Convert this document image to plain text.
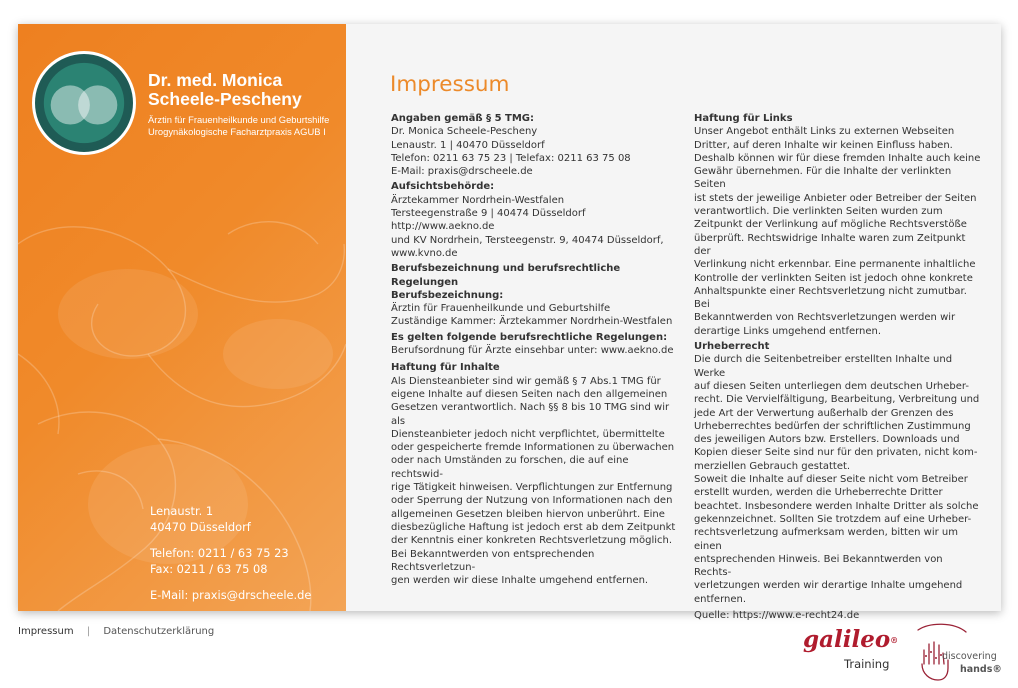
Dr. med. Monica
Scheele-Pescheny
Ärztin für Frauenheilkunde und Geburtshilfe
Urogynäkologische Facharztpraxis AGUB I
Lenaustr. 1
40470 Düsseldorf
Telefon: 0211 / 63 75 23
Fax: 0211 / 63 75 08
E-Mail: praxis@drscheele.de
Impressum
Angaben gemäß § 5 TMG:
Dr. Monica Scheele-Pescheny
Lenaustr. 1 | 40470 Düsseldorf
Telefon: 0211 63 75 23 | Telefax: 0211 63 75 08
E-Mail: praxis@drscheele.de
Aufsichtsbehörde:
Ärztekammer Nordrhein-Westfalen
Tersteegenstraße 9 | 40474 Düsseldorf
http://www.aekno.de
und KV Nordrhein, Tersteegenstr. 9, 40474 Düsseldorf,
www.kvno.de
Berufsbezeichnung und berufsrechtliche Regelungen
Berufsbezeichnung:
Ärztin für Frauenheilkunde und Geburtshilfe
Zuständige Kammer: Ärztekammer Nordrhein-Westfalen
Es gelten folgende berufsrechtliche Regelungen:
Berufsordnung für Ärzte einsehbar unter: www.aekno.de
Haftung für Inhalte
Als Diensteanbieter sind wir gemäß § 7 Abs.1 TMG für
eigene Inhalte auf diesen Seiten nach den allgemeinen
Gesetzen verantwortlich. Nach §§ 8 bis 10 TMG sind wir als
Diensteanbieter jedoch nicht verpflichtet, übermittelte
oder gespeicherte fremde Informationen zu überwachen
oder nach Umständen zu forschen, die auf eine rechtswid-
rige Tätigkeit hinweisen. Verpflichtungen zur Entfernung
oder Sperrung der Nutzung von Informationen nach den
allgemeinen Gesetzen bleiben hiervon unberührt. Eine
diesbezügliche Haftung ist jedoch erst ab dem Zeitpunkt
der Kenntnis einer konkreten Rechtsverletzung möglich.
Bei Bekanntwerden von entsprechenden Rechtsverletzun-
gen werden wir diese Inhalte umgehend entfernen.
Haftung für Links
Unser Angebot enthält Links zu externen Webseiten
Dritter, auf deren Inhalte wir keinen Einfluss haben.
Deshalb können wir für diese fremden Inhalte auch keine
Gewähr übernehmen. Für die Inhalte der verlinkten Seiten
ist stets der jeweilige Anbieter oder Betreiber der Seiten
verantwortlich. Die verlinkten Seiten wurden zum
Zeitpunkt der Verlinkung auf mögliche Rechtsverstöße
überprüft. Rechtswidrige Inhalte waren zum Zeitpunkt der
Verlinkung nicht erkennbar. Eine permanente inhaltliche
Kontrolle der verlinkten Seiten ist jedoch ohne konkrete
Anhaltspunkte einer Rechtsverletzung nicht zumutbar. Bei
Bekanntwerden von Rechtsverletzungen werden wir
derartige Links umgehend entfernen.
Urheberrecht
Die durch die Seitenbetreiber erstellten Inhalte und Werke
auf diesen Seiten unterliegen dem deutschen Urheber-
recht. Die Vervielfältigung, Bearbeitung, Verbreitung und
jede Art der Verwertung außerhalb der Grenzen des
Urheberrechtes bedürfen der schriftlichen Zustimmung
des jeweiligen Autors bzw. Erstellers. Downloads und
Kopien dieser Seite sind nur für den privaten, nicht kom-
merziellen Gebrauch gestattet.
Soweit die Inhalte auf dieser Seite nicht vom Betreiber
erstellt wurden, werden die Urheberrechte Dritter
beachtet. Insbesondere werden Inhalte Dritter als solche
gekennzeichnet. Sollten Sie trotzdem auf eine Urheber-
rechtsverletzung aufmerksam werden, bitten wir um einen
entsprechenden Hinweis. Bei Bekanntwerden von Rechts-
verletzungen werden wir derartige Inhalte umgehend
entfernen.
Quelle: https://www.e-recht24.de
Impressum | Datenschutzerklärung	galileo®
Training
discovering
hands®
